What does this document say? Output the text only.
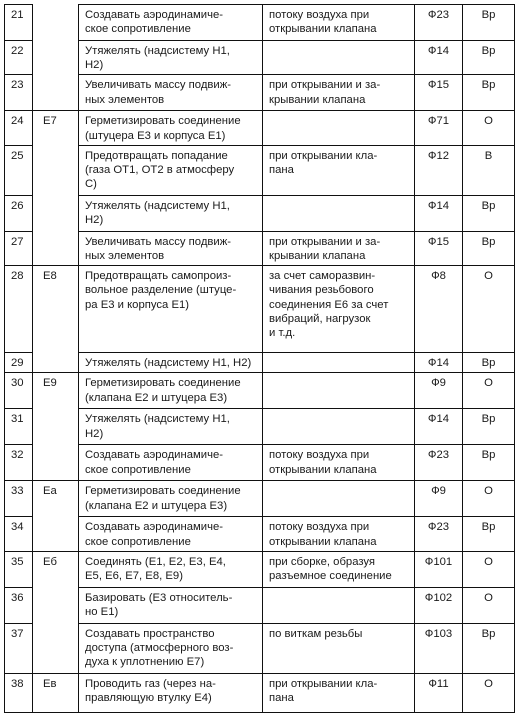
21		Создавать аэродинамиче-
ское сопротивление	потоку воздуха при
открывании клапана	Ф23	Вр
22		Утяжелять (надсистему Н1,
Н2)		Ф14	Вр
23		Увеличивать массу подвиж-
ных элементов	при открывании и за-
крывании клапана	Ф15	Вр
24	Е7	Герметизировать соединение
(штуцера Е3 и корпуса Е1)		Ф71	О
25		Предотвращать попадание
(газа ОТ1, ОТ2 в атмосферу
С)	при открывании кла-
пана	Ф12	В
26		Утяжелять (надсистему Н1,
Н2)		Ф14	Вр
27		Увеличивать массу подвиж-
ных элементов	при открывании и за-
крывании клапана	Ф15	Вр
28	Е8	Предотвращать самопроиз-
вольное разделение (штуце-
ра Е3 и корпуса Е1)	за счет саморазвин-
чивания резьбового
соединения Е6 за счет
вибраций, нагрузок
и т.д.	Ф8	О
29		Утяжелять (надсистему Н1, Н2)		Ф14	Вр
30	Е9	Герметизировать соединение
(клапана Е2 и штуцера Е3)		Ф9	О
31		Утяжелять (надсистему Н1,
Н2)		Ф14	Вр
32		Создавать аэродинамиче-
ское сопротивление	потоку воздуха при
открывании клапана	Ф23	Вр
33	Еа	Герметизировать соединение
(клапана Е2 и штуцера Е3)		Ф9	О
34		Создавать аэродинамиче-
ское сопротивление	потоку воздуха при
открывании клапана	Ф23	Вр
35	Еб	Соединять (Е1, Е2, Е3, Е4,
Е5, Е6, Е7, Е8, Е9)	при сборке, образуя
разъемное соединение	Ф101	О
36		Базировать (Е3 относитель-
но Е1)		Ф102	О
37		Создавать пространство
доступа (атмосферного воз-
духа к уплотнению Е7)	по виткам резьбы	Ф103	Вр
38	Ев	Проводить газ (через на-
правляющую втулку Е4)	при открывании кла-
пана	Ф11	О
